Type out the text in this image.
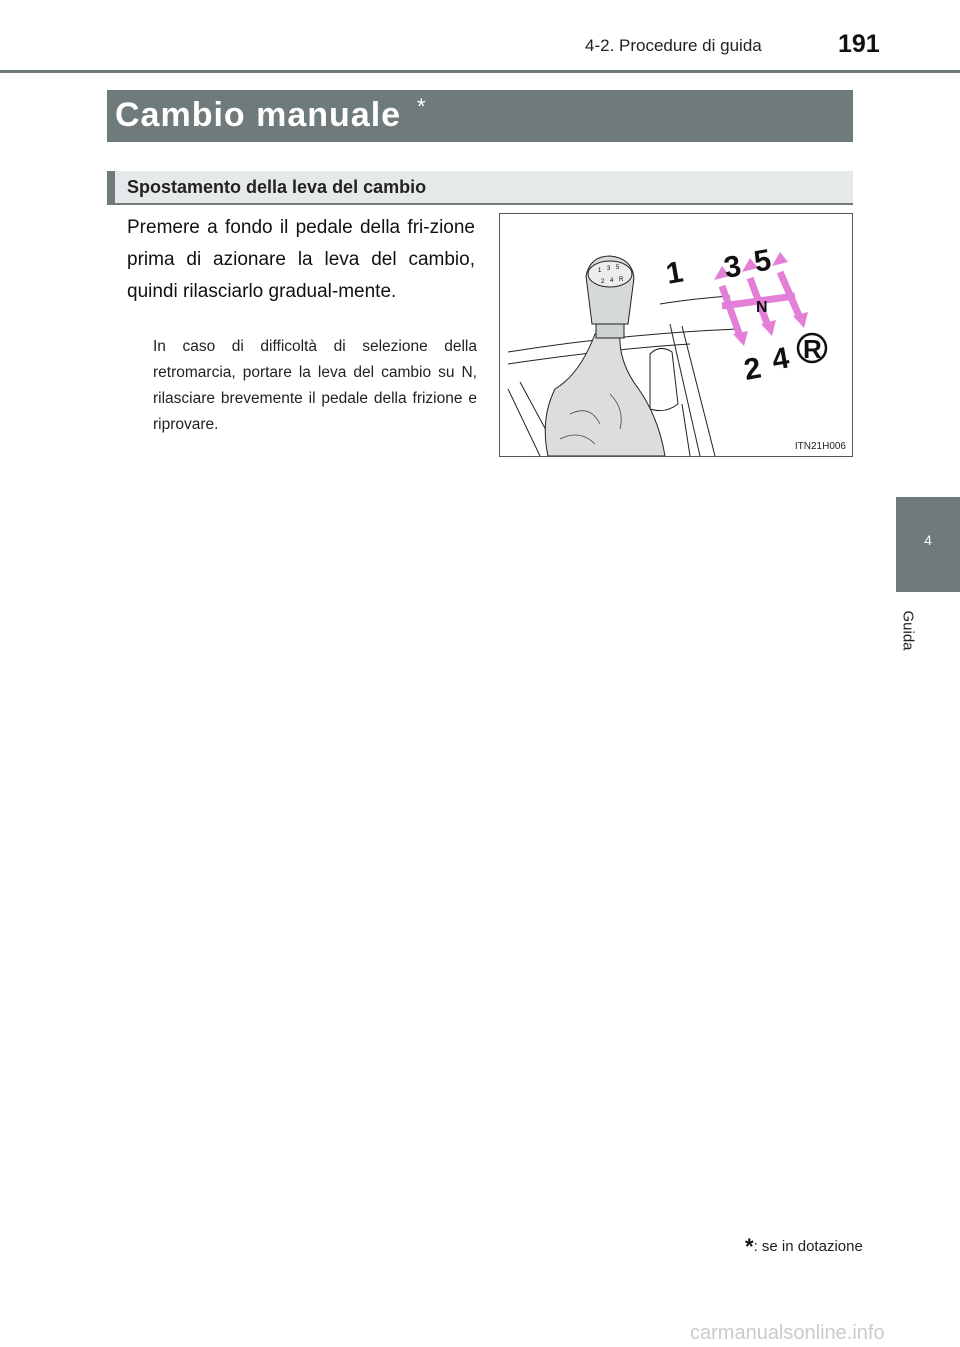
4-2. Procedure di guida	191
Cambio manuale *
Spostamento della leva del cambio
Premere a fondo il pedale della fri-zione prima di azionare la leva del cambio, quindi rilasciarlo gradual-mente.
In caso di difficoltà di selezione della retromarcia, portare la leva del cambio su N, rilasciare brevemente il pedale della frizione e riprovare.
1 3 5
2 4 R 1 3 5
N
2 4 R
ITN21H006
4
Guida
*: se in dotazione
carmanualsonline.info
